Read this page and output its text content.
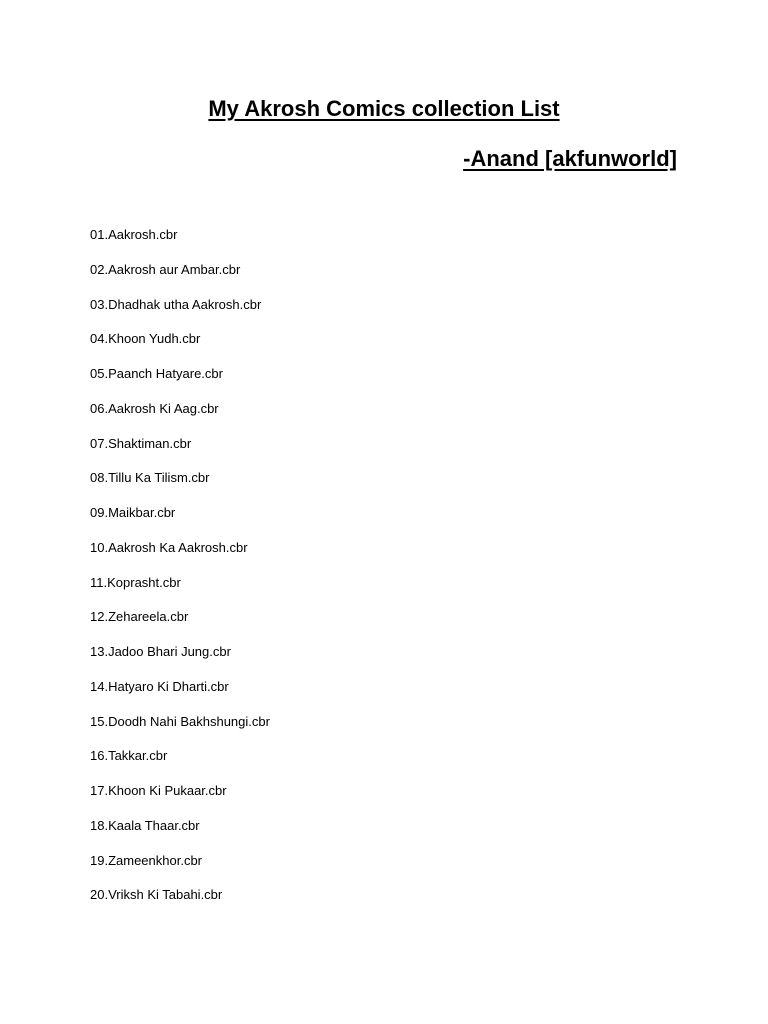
My Akrosh Comics collection List

-Anand [akfunworld]

01.Aakrosh.cbr
02.Aakrosh aur Ambar.cbr
03.Dhadhak utha Aakrosh.cbr
04.Khoon Yudh.cbr
05.Paanch Hatyare.cbr
06.Aakrosh Ki Aag.cbr
07.Shaktiman.cbr
08.Tillu Ka Tilism.cbr
09.Maikbar.cbr
10.Aakrosh Ka Aakrosh.cbr
11.Koprasht.cbr
12.Zehareela.cbr
13.Jadoo Bhari Jung.cbr
14.Hatyaro Ki Dharti.cbr
15.Doodh Nahi Bakhshungi.cbr
16.Takkar.cbr
17.Khoon Ki Pukaar.cbr
18.Kaala Thaar.cbr
19.Zameenkhor.cbr
20.Vriksh Ki Tabahi.cbr
